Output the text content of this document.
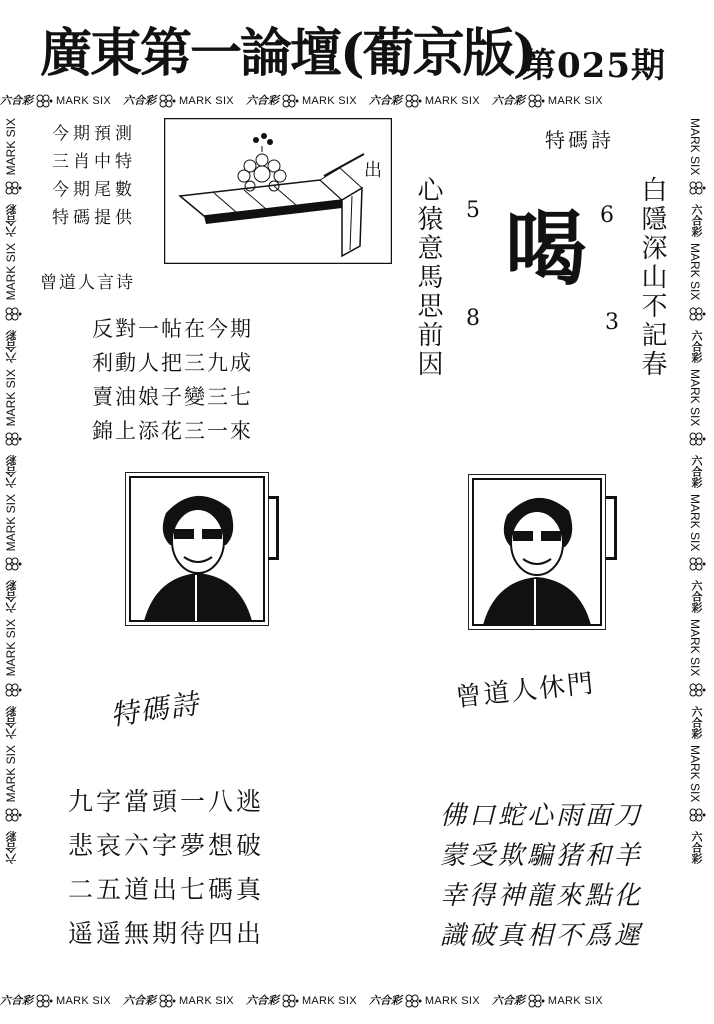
廣東第一論壇(葡京版)
第025期
六合彩 MARK SIX 六合彩 MARK SIX 六合彩 MARK SIX 六合彩 MARK SIX 六合彩 MARK SIX
六合彩 MARK SIX 六合彩 MARK SIX 六合彩 MARK SIX 六合彩 MARK SIX 六合彩 MARK SIX
MARK SIX
六合彩
MARK SIX
六合彩
MARK SIX
六合彩
MARK SIX
六合彩
MARK SIX
六合彩
MARK SIX
六合彩
MARK SIX
六合彩
MARK SIX
六合彩
MARK SIX
六合彩
MARK SIX
六合彩
MARK SIX
六合彩
MARK SIX
六合彩
今期預測
三肖中特
今期尾數
特碼提供
出
特碼詩
心猿意馬思前因	白隱深山不記春
5	6
8	3
喝
曾道人言诗
反對一帖在今期
利動人把三九成
賣油娘子變三七
錦上添花三一來
特碼詩	曾道人休門
九字當頭一八逃
悲哀六字夢想破
二五道出七碼真
遥遥無期待四出
佛口蛇心雨面刀
蒙受欺騙猪和羊
幸得神龍來點化
識破真相不爲遲
